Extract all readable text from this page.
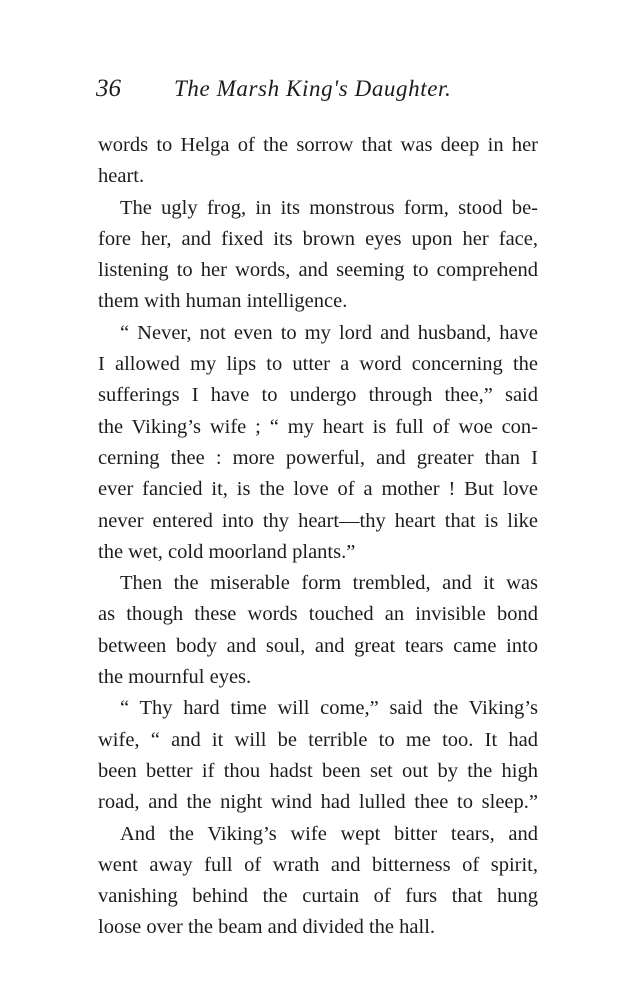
36 The Marsh King's Daughter.
words to Helga of the sorrow that was deep in her
heart.
The ugly frog, in its monstrous form, stood be-
fore her, and fixed its brown eyes upon her face,
listening to her words, and seeming to comprehend
them with human intelligence.
“ Never, not even to my lord and husband, have
I allowed my lips to utter a word concerning the
sufferings I have to undergo through thee,” said
the Viking’s wife ; “ my heart is full of woe con-
cerning thee : more powerful, and greater than I
ever fancied it, is the love of a mother ! But love
never entered into thy heart—thy heart that is like
the wet, cold moorland plants.”
Then the miserable form trembled, and it was
as though these words touched an invisible bond
between body and soul, and great tears came into
the mournful eyes.
“ Thy hard time will come,” said the Viking’s
wife, “ and it will be terrible to me too. It had
been better if thou hadst been set out by the high
road, and the night wind had lulled thee to sleep.”
And the Viking’s wife wept bitter tears, and
went away full of wrath and bitterness of spirit,
vanishing behind the curtain of furs that hung
loose over the beam and divided the hall.
